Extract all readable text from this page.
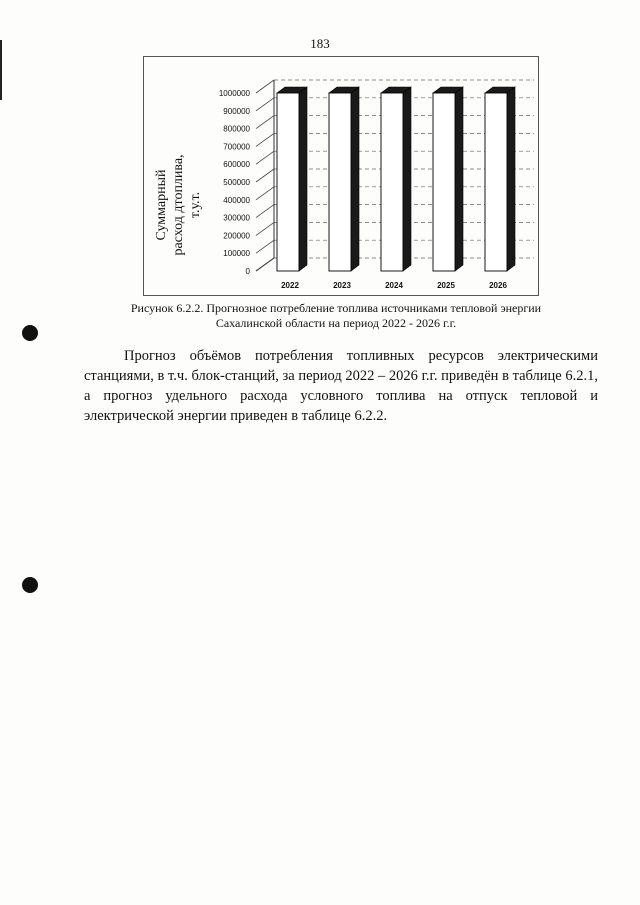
183
0
100000
200000
300000
400000
500000
600000
700000
800000
900000
1000000
2022	2023	2024	2025	2026
Суммарный расход дтоплива, т.у.т.
Рисунок 6.2.2. Прогнозное потребление топлива источниками тепловой энергии
Сахалинской области на период 2022 - 2026 г.г.
Прогноз объёмов потребления топливных ресурсов электрическими станциями, в т.ч. блок-станций, за период 2022 – 2026 г.г. приведён в таблице 6.2.1, а прогноз удельного расхода условного топлива на отпуск тепловой и электрической энергии приведен в таблице 6.2.2.
